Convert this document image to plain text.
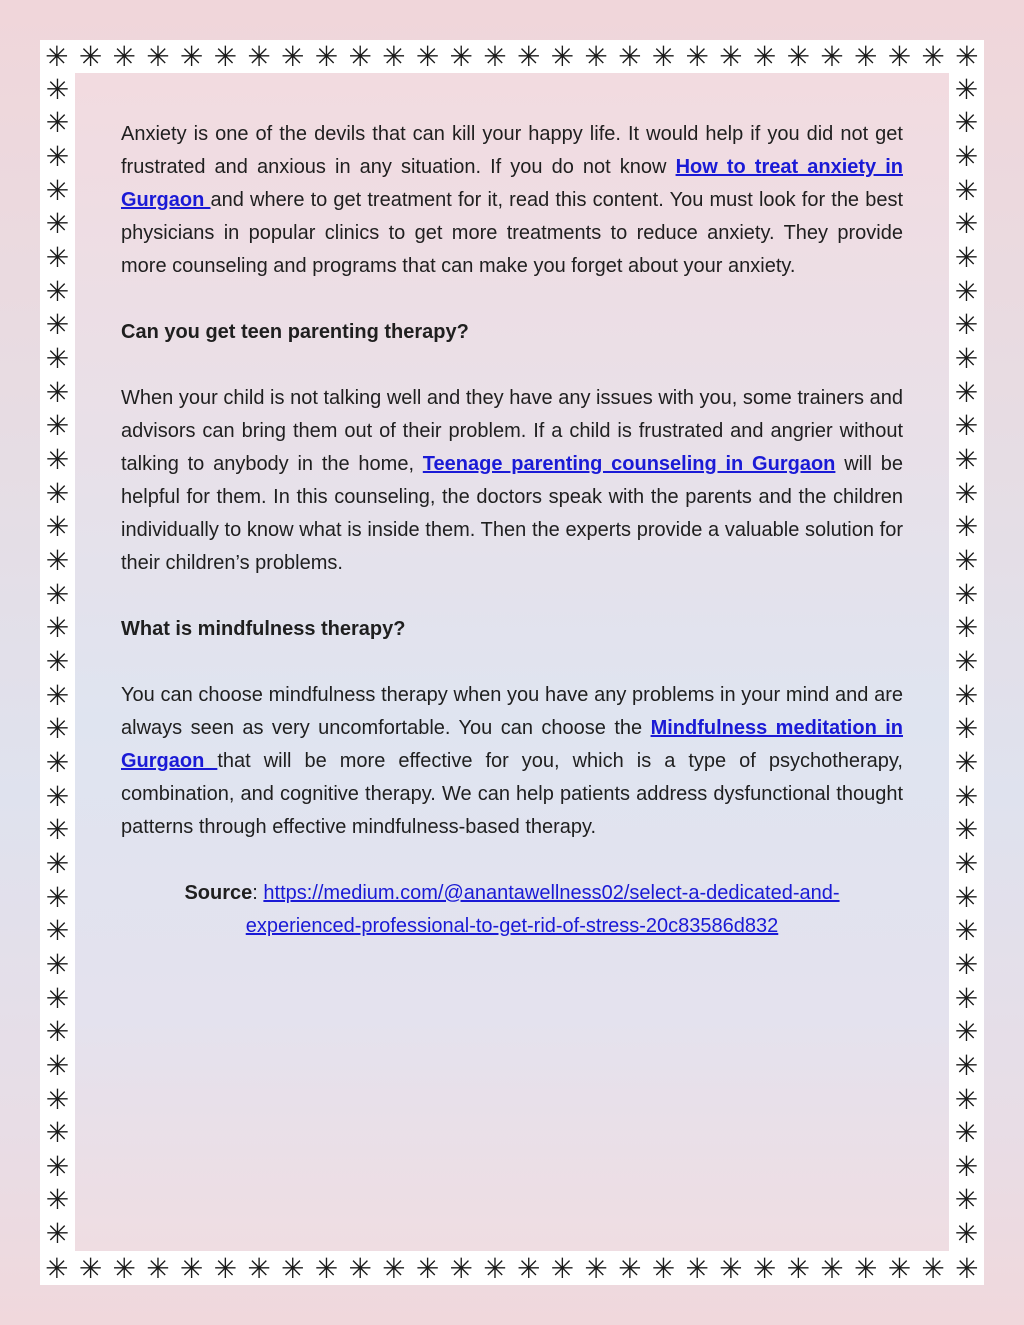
✳ ✳ ✳ ✳ ✳ ✳ ✳ ✳ ✳ ✳ ✳ ✳ ✳ ✳ ✳ ✳ ✳ ✳ ✳ ✳ ✳ ✳ ✳ ✳ ✳ ✳ ✳ ✳
✳ ✳ ✳ ✳ ✳ ✳ ✳ ✳ ✳ ✳ ✳ ✳ ✳ ✳ ✳ ✳ ✳ ✳ ✳ ✳ ✳ ✳ ✳ ✳ ✳ ✳ ✳ ✳
✳
✳
✳
✳
✳
✳
✳
✳
✳
✳
✳
✳
✳
✳
✳
✳
✳
✳
✳
✳
✳
✳
✳
✳
✳
✳
✳
✳
✳
✳
✳
✳
✳
✳
✳
✳
✳
✳
✳
✳
✳
✳
✳
✳
✳
✳
✳
✳
✳
✳
✳
✳
✳
✳
✳
✳
✳
✳
✳
✳
✳
✳
✳
✳
✳
✳
✳
✳
✳
✳

Anxiety is one of the devils that can kill your happy life. It would help if you did not get frustrated and anxious in any situation. If you do not know How to treat anxiety in Gurgaon and where to get treatment for it, read this content. You must look for the best physicians in popular clinics to get more treatments to reduce anxiety. They provide more counseling and programs that can make you forget about your anxiety.

Can you get teen parenting therapy?

When your child is not talking well and they have any issues with you, some trainers and advisors can bring them out of their problem. If a child is frustrated and angrier without talking to anybody in the home, Teenage parenting counseling in Gurgaon will be helpful for them. In this counseling, the doctors speak with the parents and the children individually to know what is inside them. Then the experts provide a valuable solution for their children’s problems.

What is mindfulness therapy?

You can choose mindfulness therapy when you have any problems in your mind and are always seen as very uncomfortable. You can choose the Mindfulness meditation in Gurgaon that will be more effective for you, which is a type of psychotherapy, combination, and cognitive therapy. We can help patients address dysfunctional thought patterns through effective mindfulness-based therapy.

Source: https://medium.com/@anantawellness02/select-a-dedicated-and-experienced-professional-to-get-rid-of-stress-20c83586d832
